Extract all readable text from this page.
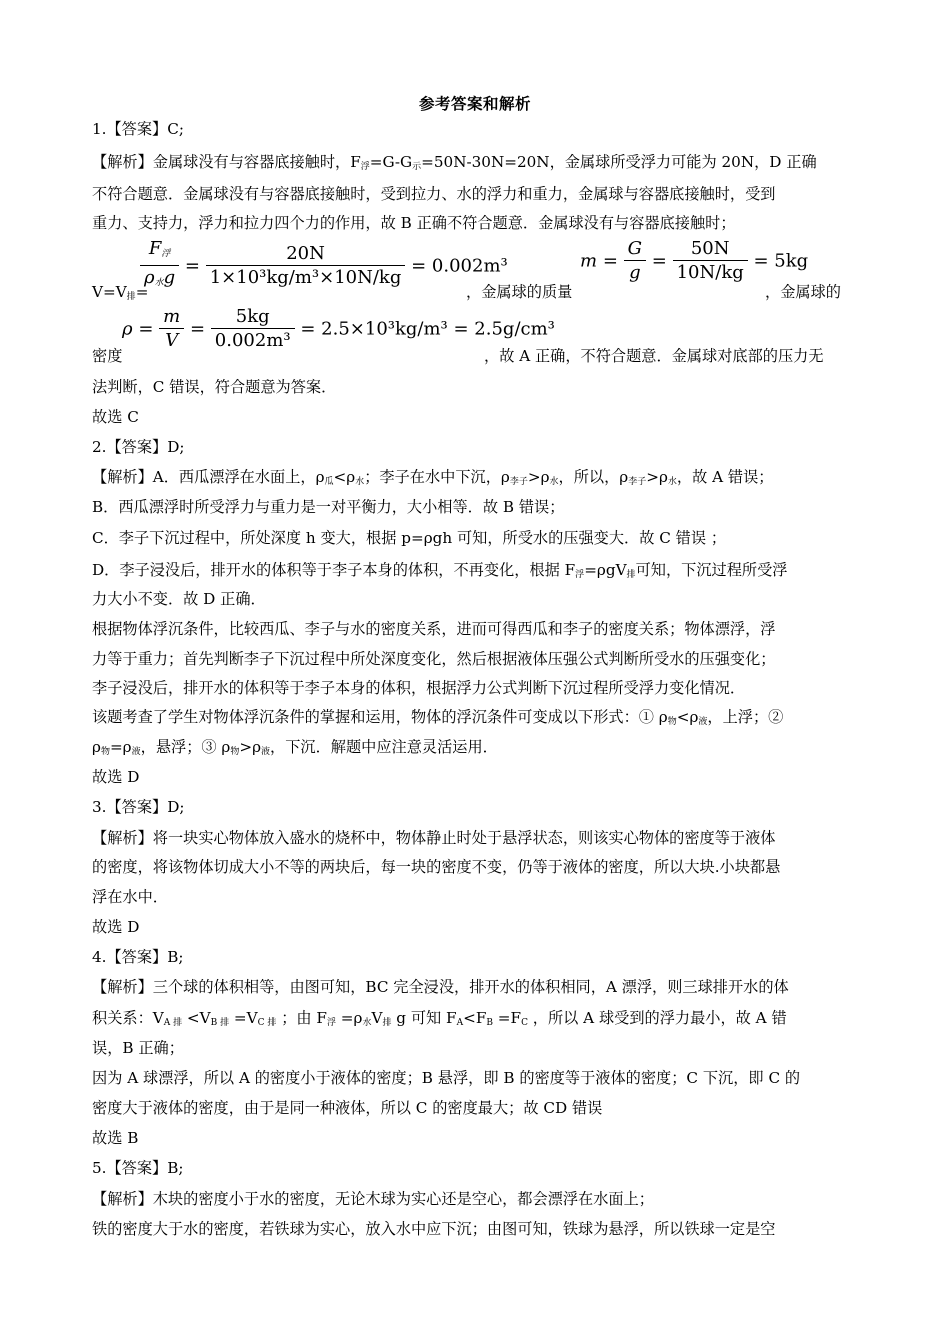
参考答案和解析
1.【答案】C;
【解析】金属球没有与容器底接触时，$F_浮=G-G_示=50N-30N=20N$，金属球所受浮力可能为 20N，D 正确
不符合题意．金属球没有与容器底接触时，受到拉力、水的浮力和重力，金属球与容器底接触时，受到
重力、支持力，浮力和拉力四个力的作用，故 B 正确不符合题意．金属球没有与容器底接触时；
$V=V_排=$
$\frac{F_浮}{\rho_水g} = \frac{20N}{\text{1×10³kg/m³×10N/kg}} = 0.002m^3$
，金属球的质量
$m = \frac{G}{g} = \frac{50N}{10N/kg} = 5kg$
，金属球的
密度
$\rho = \frac{m}{V} = \frac{5kg}{\text{0.002m³}} = 2.5\times 10^3kg/m^3 = 2.5g/cm^3$
，故 A 正确，不符合题意．金属球对底部的压力无
法判断，C 错误，符合题意为答案．
故选 C
2.【答案】D;
【解析】A．西瓜漂浮在水面上，$\rho_瓜<\rho_水$；李子在水中下沉，$\rho_{李子}>\rho_水$，所以，$\rho_{李子}>\rho_水$，故 A 错误；
B．西瓜漂浮时所受浮力与重力是一对平衡力，大小相等．故 B 错误；
C．李子下沉过程中，所处深度 h 变大，根据 p=ρgh 可知，所受水的压强变大．故 C 错误 ；
D．李子浸没后，排开水的体积等于李子本身的体积，不再变化，根据 $F_浮=\rho gV_排$可知，下沉过程所受浮
力大小不变．故 D 正确．
根据物体浮沉条件，比较西瓜、李子与水的密度关系，进而可得西瓜和李子的密度关系；物体漂浮，浮
力等于重力；首先判断李子下沉过程中所处深度变化，然后根据液体压强公式判断所受水的压强变化；
李子浸没后，排开水的体积等于李子本身的体积，根据浮力公式判断下沉过程所受浮力变化情况．
该题考查了学生对物体浮沉条件的掌握和运用，物体的浮沉条件可变成以下形式：① $\rho_物<\rho_液$，上浮；②
$\rho_物=\rho_液$，悬浮；③ $\rho_物>\rho_液$，下沉．解题中应注意灵活运用．
故选 D
3.【答案】D;
【解析】将一块实心物体放入盛水的烧杯中，物体静止时处于悬浮状态，则该实心物体的密度等于液体
的密度，将该物体切成大小不等的两块后，每一块的密度不变，仍等于液体的密度，所以大块.小块都悬
浮在水中．
故选 D
4.【答案】B;
【解析】三个球的体积相等，由图可知，BC 完全浸没，排开水的体积相同，A 漂浮，则三球排开水的体
积关系：$V_{A 排} <V_{B 排} =V_{C 排}$ ；由 $F_浮 =\rho_水V_排$ g 可知 $F_A<F_B =F_C$ ，所以 A 球受到的浮力最小，故 A 错
误，B 正确；
因为 A 球漂浮，所以 A 的密度小于液体的密度；B 悬浮，即 B 的密度等于液体的密度；C 下沉，即 C 的
密度大于液体的密度，由于是同一种液体，所以 C 的密度最大；故 CD 错误
故选 B
5.【答案】B;
【解析】木块的密度小于水的密度，无论木球为实心还是空心，都会漂浮在水面上；
铁的密度大于水的密度，若铁球为实心，放入水中应下沉；由图可知，铁球为悬浮，所以铁球一定是空
